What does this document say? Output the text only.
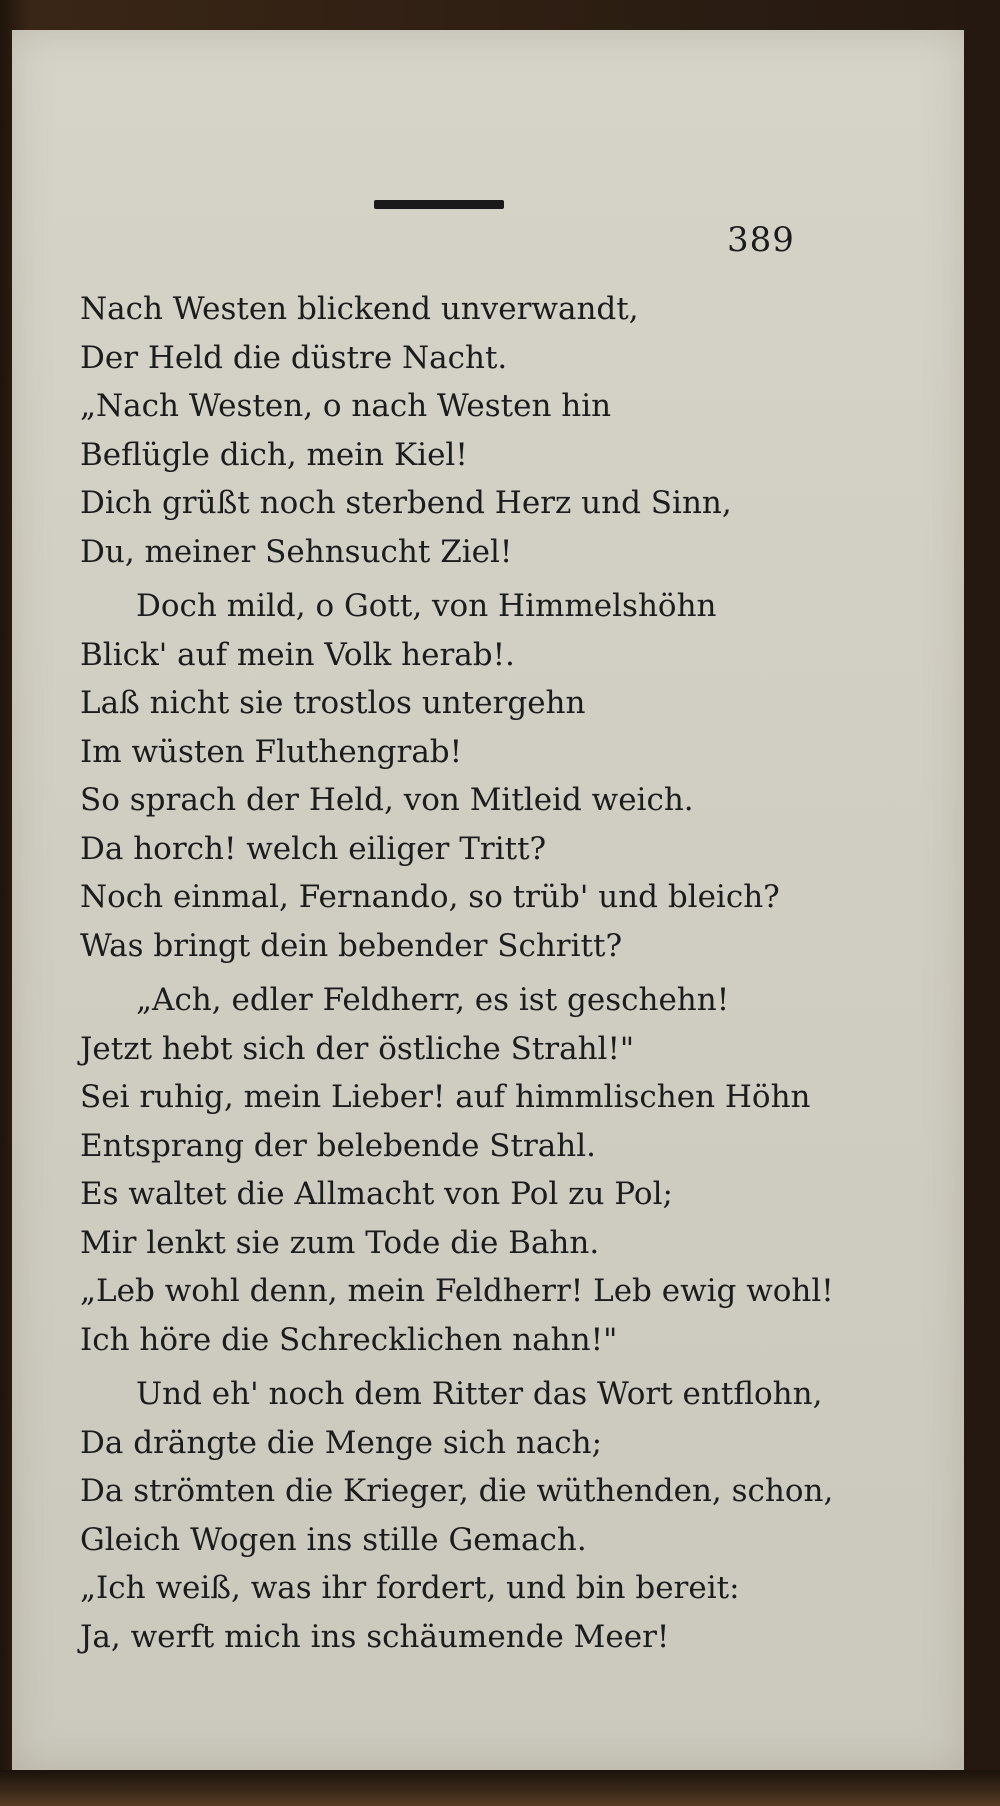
389
Nach Westen blickend unverwandt,
Der Held die düstre Nacht.
„Nach Westen, o nach Westen hin
Beflügle dich, mein Kiel!
Dich grüßt noch sterbend Herz und Sinn,
Du, meiner Sehnsucht Ziel!
Doch mild, o Gott, von Himmelshöhn
Blick' auf mein Volk herab!.
Laß nicht sie trostlos untergehn
Im wüsten Fluthengrab!
So sprach der Held, von Mitleid weich.
Da horch! welch eiliger Tritt?
Noch einmal, Fernando, so trüb' und bleich?
Was bringt dein bebender Schritt?
„Ach, edler Feldherr, es ist geschehn!
Jetzt hebt sich der östliche Strahl!"
Sei ruhig, mein Lieber! auf himmlischen Höhn
Entsprang der belebende Strahl.
Es waltet die Allmacht von Pol zu Pol;
Mir lenkt sie zum Tode die Bahn.
„Leb wohl denn, mein Feldherr! Leb ewig wohl!
Ich höre die Schrecklichen nahn!"
Und eh' noch dem Ritter das Wort entflohn,
Da drängte die Menge sich nach;
Da strömten die Krieger, die wüthenden, schon,
Gleich Wogen ins stille Gemach.
„Ich weiß, was ihr fordert, und bin bereit:
Ja, werft mich ins schäumende Meer!
